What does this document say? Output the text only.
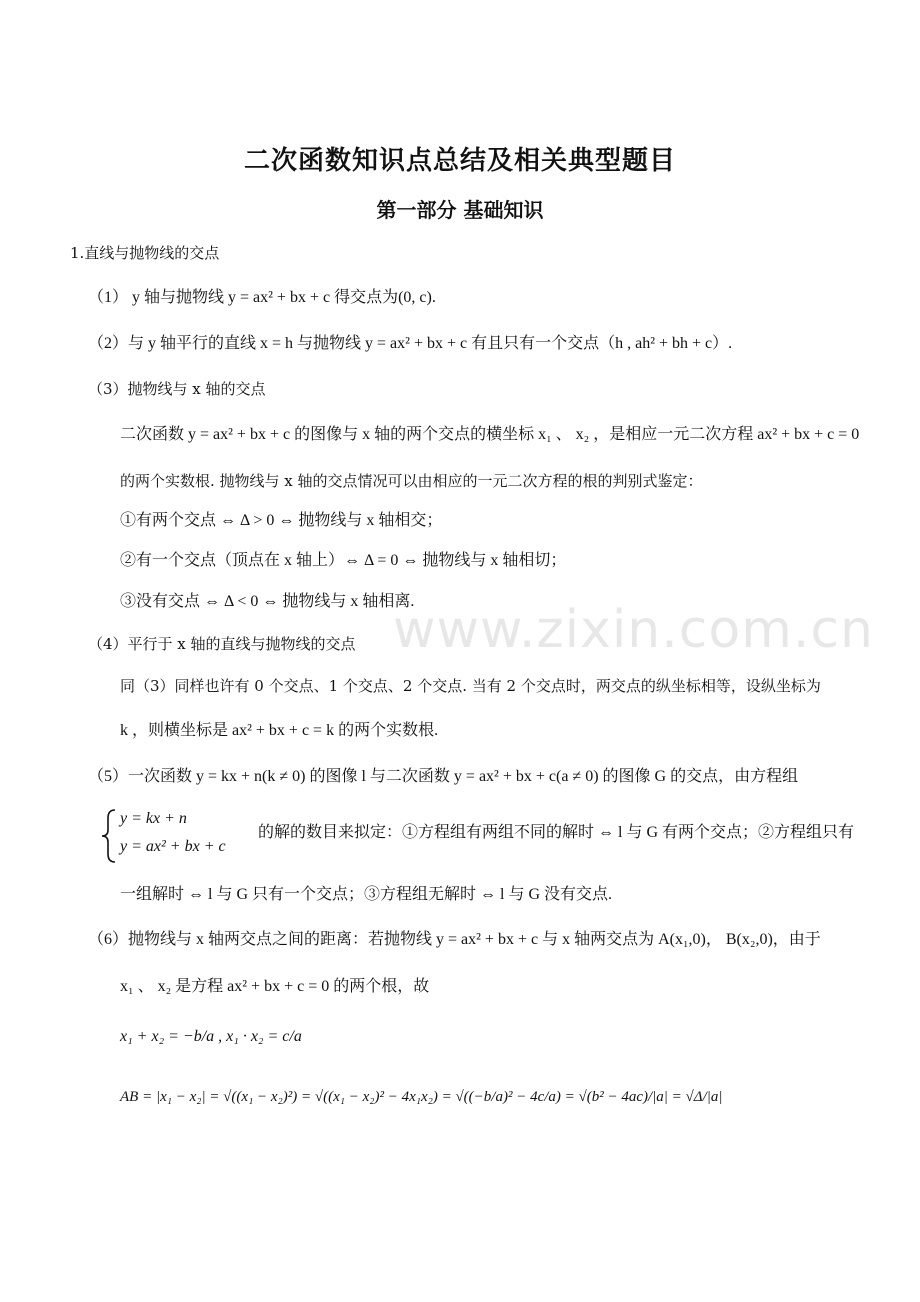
www.zixin.com.cn
二次函数知识点总结及相关典型题目
第一部分 基础知识
1.直线与抛物线的交点
（1） y 轴与抛物线 y = ax² + bx + c 得交点为(0, c).
（2）与 y 轴平行的直线 x = h 与抛物线 y = ax² + bx + c 有且只有一个交点（h , ah² + bh + c）.
（3）抛物线与 x 轴的交点
二次函数 y = ax² + bx + c 的图像与 x 轴的两个交点的横坐标 x₁ 、 x₂ ，是相应一元二次方程 ax² + bx + c = 0
的两个实数根. 抛物线与 x 轴的交点情况可以由相应的一元二次方程的根的判别式鉴定：
①有两个交点 ⇔ Δ > 0 ⇔ 抛物线与 x 轴相交；
②有一个交点（顶点在 x 轴上）⇔ Δ = 0 ⇔ 抛物线与 x 轴相切；
③没有交点 ⇔ Δ < 0 ⇔ 抛物线与 x 轴相离.
（4）平行于 x 轴的直线与抛物线的交点
同（3）同样也许有 0 个交点、1 个交点、2 个交点. 当有 2 个交点时，两交点的纵坐标相等，设纵坐标为
k ，则横坐标是 ax² + bx + c = k 的两个实数根.
（5）一次函数 y = kx + n(k ≠ 0) 的图像 l 与二次函数 y = ax² + bx + c(a ≠ 0) 的图像 G 的交点，由方程组
y = kx + n
y = ax² + bx + c
的解的数目来拟定：①方程组有两组不同的解时 ⇔ l 与 G 有两个交点；②方程组只有
一组解时 ⇔ l 与 G 只有一个交点；③方程组无解时 ⇔ l 与 G 没有交点.
（6）抛物线与 x 轴两交点之间的距离：若抛物线 y = ax² + bx + c 与 x 轴两交点为 A(x₁,0)， B(x₂,0)，由于
x₁ 、 x₂ 是方程 ax² + bx + c = 0 的两个根，故
x₁ + x₂ = −b/a , x₁ · x₂ = c/a
AB = |x₁ − x₂| = √((x₁ − x₂)²) = √((x₁ − x₂)² − 4x₁x₂) = √((−b/a)² − 4c/a) = √(b² − 4ac)/|a| = √Δ/|a|
